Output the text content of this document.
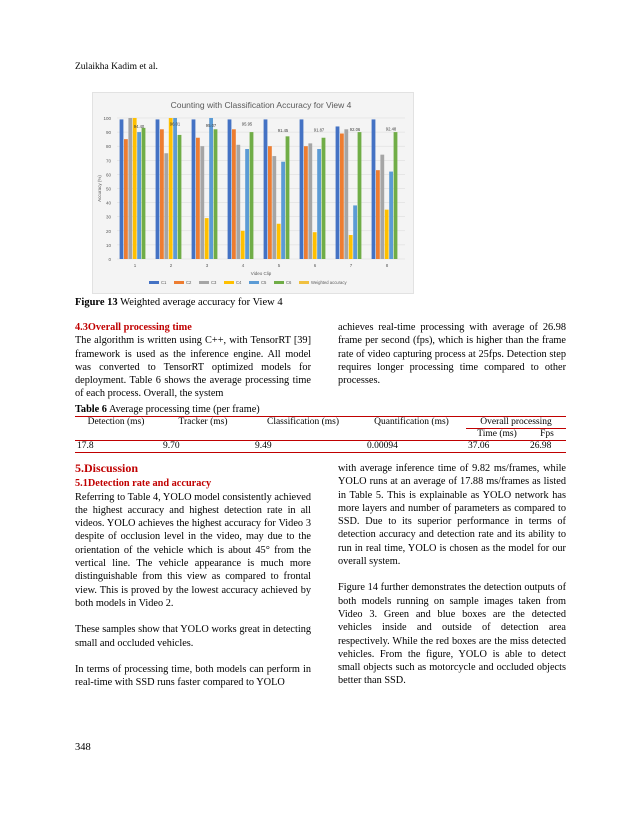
Zulaikha Kadim et al.
Counting with Classification Accuracy for View 4
0
10
20
30
40
50
60
70
80
90
100
Accuracy (%)
94.40
1
96.01
2
95.07
3
95.95
4
91.45
5
91.87
6
92.06
7
92.48
8
Video Clip
C1	C2	C3	C4	C5	C6	Weighted accuracy
Figure 13 Weighted average accuracy for View 4
4.3Overall processing time

The algorithm is written using C++, with TensorRT [39] framework is used as the inference engine. All model was converted to TensorRT optimized models for deployment. Table 6 shows the average processing time of each process. Overall, the system

achieves real-time processing with average of 26.98 frame per second (fps), which is higher than the frame rate of video capturing process at 25fps. Detection step requires longer processing time compared to other processes.

Table 6 Average processing time (per frame)
Detection (ms)	Tracker (ms)	Classification (ms)	Quantification (ms)	Overall processing	
				Time (ms)	Fps
17.8	9.70	9.49	0.00094	37.06	26.98
5.Discussion
5.1Detection rate and accuracy

Referring to Table 4, YOLO model consistently achieved the highest accuracy and highest detection rate in all videos. YOLO achieves the highest accuracy for Video 3 despite of occlusion level in the video, may due to the orientation of the vehicle which is about 45° from the vertical line. The vehicle appearance is much more distinguishable from this view as compared to frontal view. This is proved by the lowest accuracy achieved by both models in Video 2.

These samples show that YOLO works great in detecting small and occluded vehicles.

In terms of processing time, both models can perform in real-time with SSD runs faster compared to YOLO

with average inference time of 9.82 ms/frames, while YOLO runs at an average of 17.88 ms/frames as listed in Table 5. This is explainable as YOLO network has more layers and number of parameters as compared to SSD. Due to its superior performance in terms of detection accuracy and detection rate and its ability to run in real time, YOLO is chosen as the model for our overall system.

Figure 14 further demonstrates the detection outputs of both models running on sample images taken from Video 3. Green and blue boxes are the detected vehicles inside and outside of detection area respectively. While the red boxes are the miss detected vehicles. From the figure, YOLO is able to detect small objects such as motorcycle and occluded objects better than SSD.

348
